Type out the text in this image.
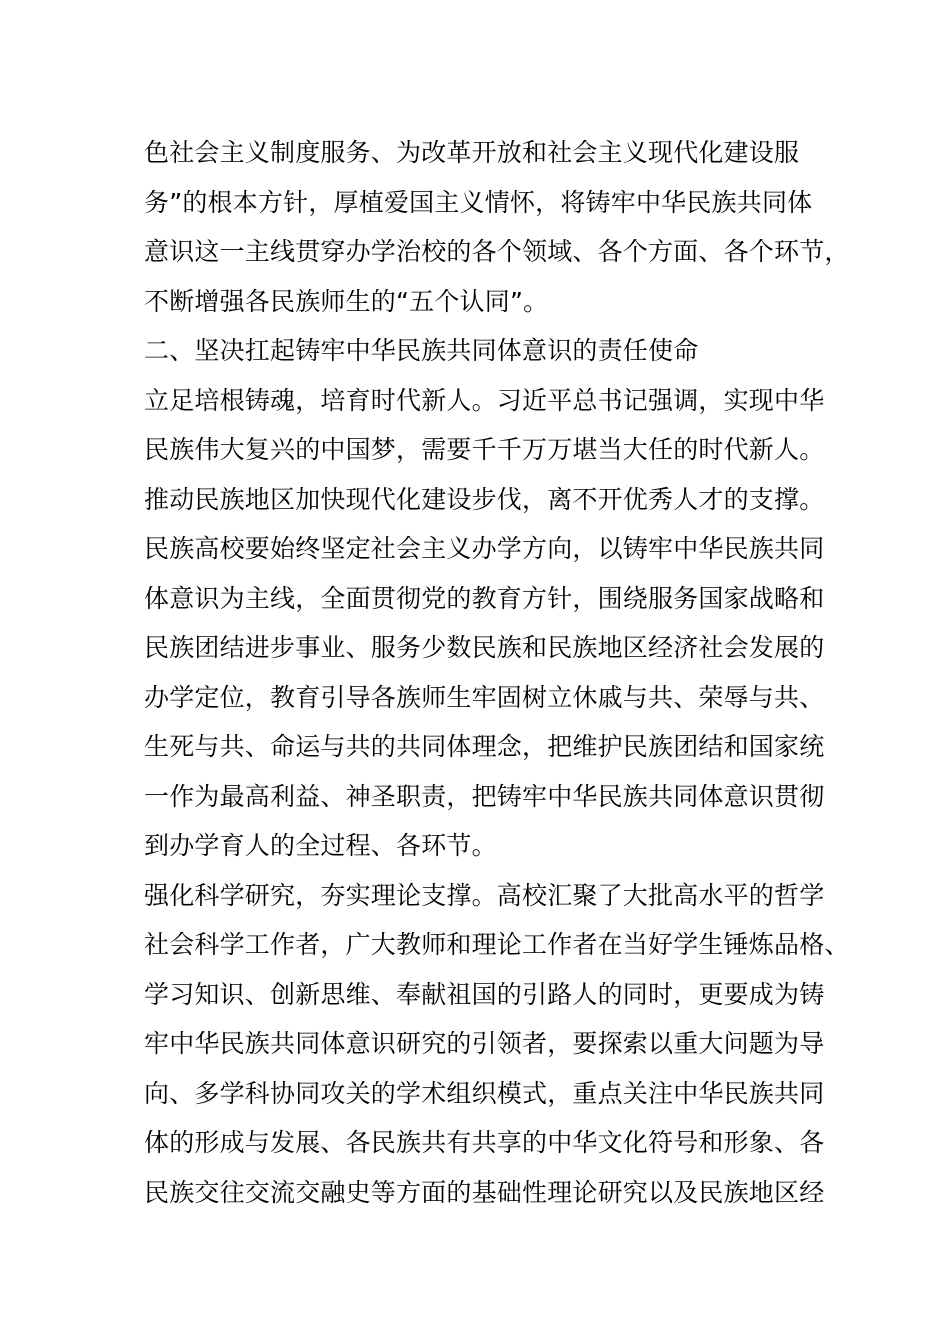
色社会主义制度服务、为改革开放和社会主义现代化建设服
务”的根本方针，厚植爱国主义情怀，将铸牢中华民族共同体
意识这一主线贯穿办学治校的各个领域、各个方面、各个环节，
不断增强各民族师生的“五个认同”。
二、坚决扛起铸牢中华民族共同体意识的责任使命
立足培根铸魂，培育时代新人。习近平总书记强调，实现中华
民族伟大复兴的中国梦，需要千千万万堪当大任的时代新人。
推动民族地区加快现代化建设步伐，离不开优秀人才的支撑。
民族高校要始终坚定社会主义办学方向，以铸牢中华民族共同
体意识为主线，全面贯彻党的教育方针，围绕服务国家战略和
民族团结进步事业、服务少数民族和民族地区经济社会发展的
办学定位，教育引导各族师生牢固树立休戚与共、荣辱与共、
生死与共、命运与共的共同体理念，把维护民族团结和国家统
一作为最高利益、神圣职责，把铸牢中华民族共同体意识贯彻
到办学育人的全过程、各环节。
强化科学研究，夯实理论支撑。高校汇聚了大批高水平的哲学
社会科学工作者，广大教师和理论工作者在当好学生锤炼品格、
学习知识、创新思维、奉献祖国的引路人的同时，更要成为铸
牢中华民族共同体意识研究的引领者，要探索以重大问题为导
向、多学科协同攻关的学术组织模式，重点关注中华民族共同
体的形成与发展、各民族共有共享的中华文化符号和形象、各
民族交往交流交融史等方面的基础性理论研究以及民族地区经
